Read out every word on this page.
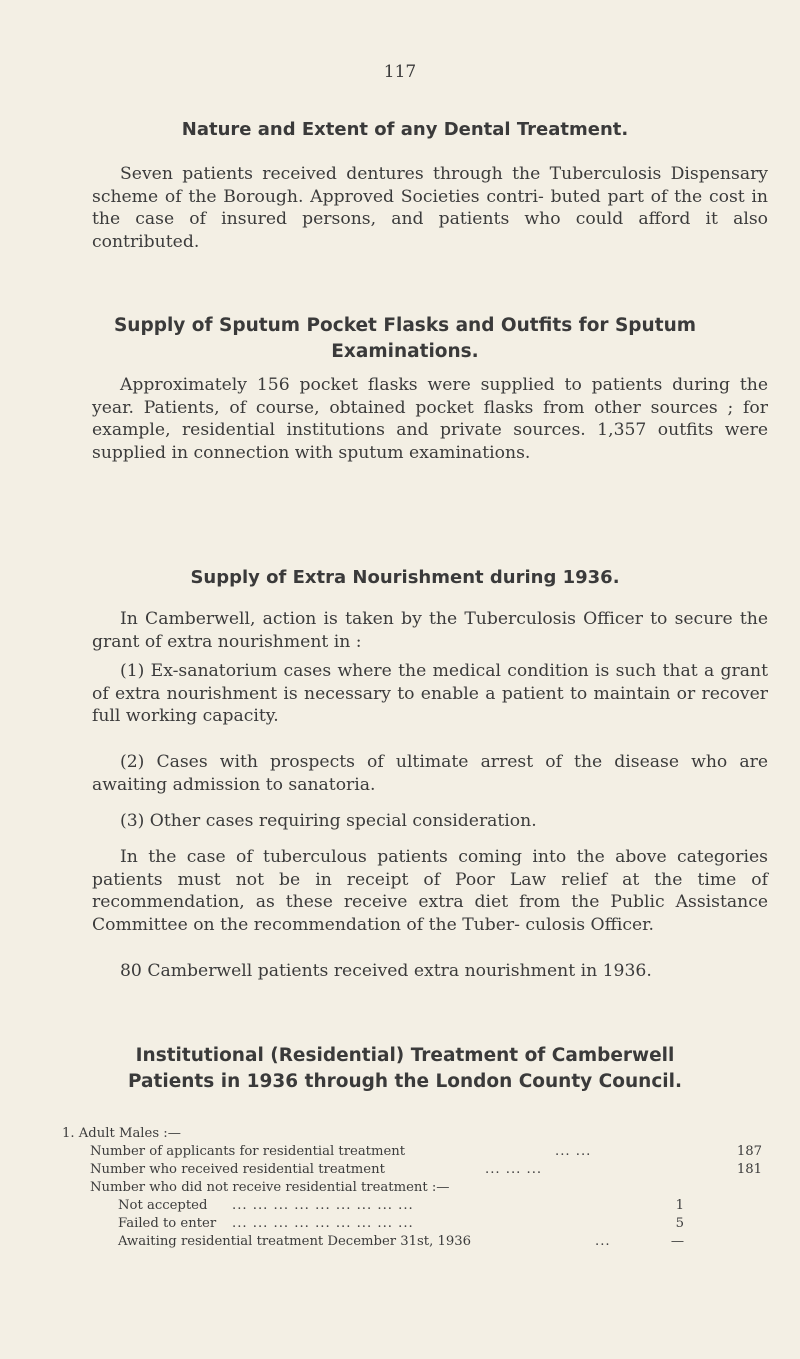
117
Nature and Extent of any Dental Treatment.
Seven patients received dentures through the Tuberculosis Dispensary scheme of the Borough. Approved Societies contri- buted part of the cost in the case of insured persons, and patients who could afford it also contributed.
Supply of Sputum Pocket Flasks and Outfits for Sputum
Examinations.
Approximately 156 pocket flasks were supplied to patients during the year. Patients, of course, obtained pocket flasks from other sources ; for example, residential institutions and private sources. 1,357 outfits were supplied in connection with sputum examinations.
Supply of Extra Nourishment during 1936.
In Camberwell, action is taken by the Tuberculosis Officer to secure the grant of extra nourishment in :
(1) Ex-sanatorium cases where the medical condition is such that a grant of extra nourishment is necessary to enable a patient to maintain or recover full working capacity.
(2) Cases with prospects of ultimate arrest of the disease who are awaiting admission to sanatoria.
(3) Other cases requiring special consideration.
In the case of tuberculous patients coming into the above categories patients must not be in receipt of Poor Law relief at the time of recommendation, as these receive extra diet from the Public Assistance Committee on the recommendation of the Tuber- culosis Officer.
80 Camberwell patients received extra nourishment in 1936.
Institutional (Residential) Treatment of Camberwell
Patients in 1936 through the London County Council.
1. Adult Males :—
Number of applicants for residential treatment	... ...	187
Number who received residential treatment	... ... ...	181
Number who did not receive residential treatment :—
Not accepted ... ... ... ... ... ... ... ... ...	1
Failed to enter ... ... ... ... ... ... ... ... ...	5
Awaiting residential treatment December 31st, 1936	...	—
